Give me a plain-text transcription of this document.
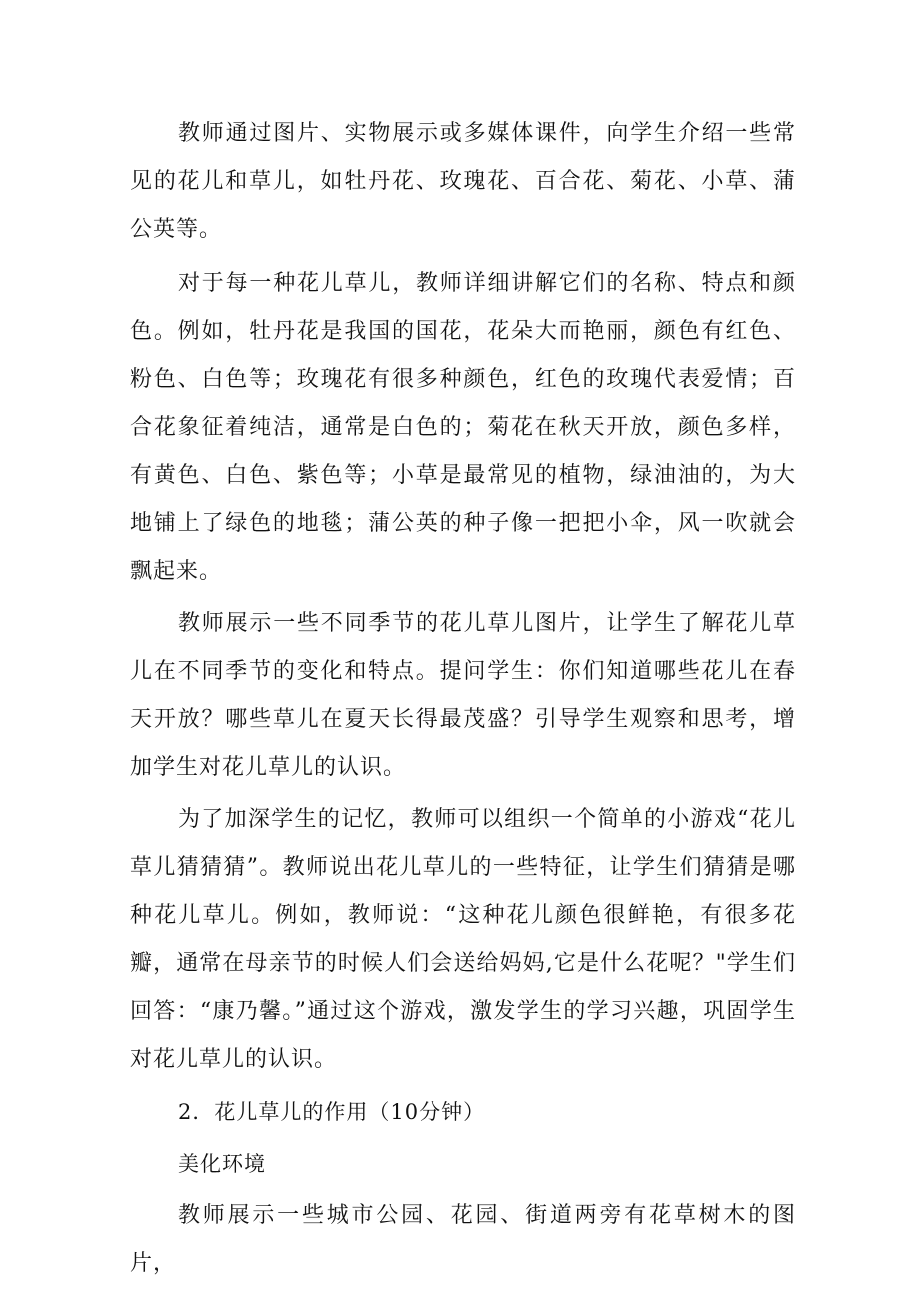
教师通过图片、实物展示或多媒体课件，向学生介绍一些常见的花儿和草儿，如牡丹花、玫瑰花、百合花、菊花、小草、蒲公英等。

对于每一种花儿草儿，教师详细讲解它们的名称、特点和颜色。例如，牡丹花是我国的国花，花朵大而艳丽，颜色有红色、粉色、白色等；玫瑰花有很多种颜色，红色的玫瑰代表爱情；百合花象征着纯洁，通常是白色的；菊花在秋天开放，颜色多样，有黄色、白色、紫色等；小草是最常见的植物，绿油油的，为大地铺上了绿色的地毯；蒲公英的种子像一把把小伞，风一吹就会飘起来。

教师展示一些不同季节的花儿草儿图片，让学生了解花儿草儿在不同季节的变化和特点。提问学生：你们知道哪些花儿在春天开放？哪些草儿在夏天长得最茂盛？引导学生观察和思考，增加学生对花儿草儿的认识。

为了加深学生的记忆，教师可以组织一个简单的小游戏“花儿草儿猜猜猜”。教师说出花儿草儿的一些特征，让学生们猜猜是哪种花儿草儿。例如，教师说：“这种花儿颜色很鲜艳，有很多花瓣，通常在母亲节的时候人们会送给妈妈,它是什么花呢？"学生们回答：“康乃馨。”通过这个游戏，激发学生的学习兴趣，巩固学生对花儿草儿的认识。

2．花儿草儿的作用（10分钟）

美化环境

教师展示一些城市公园、花园、街道两旁有花草树木的图片，
